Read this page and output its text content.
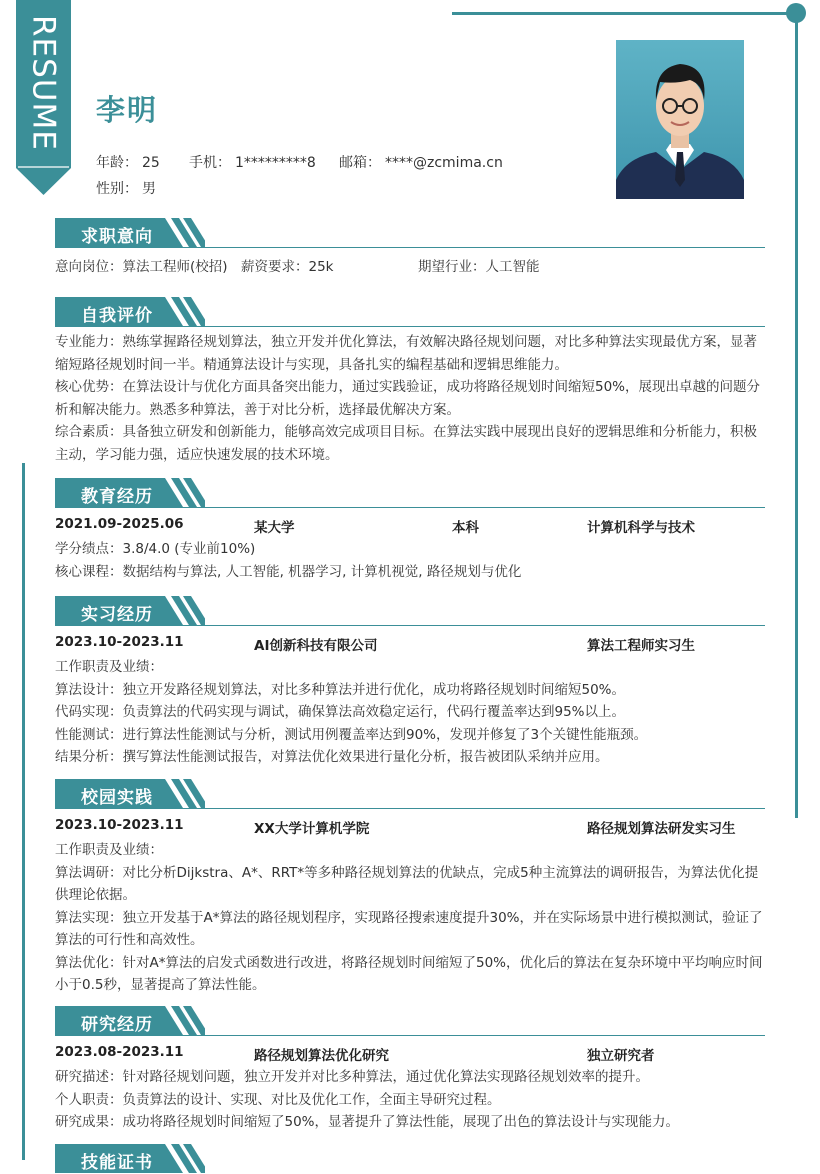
RESUME 李明
年龄： 25 手机： 1*********8 邮箱： ****@zcmima.cn
性别： 男
求职意向
意向岗位：算法工程师(校招) 薪资要求：25k	期望行业：人工智能
自我评价
专业能力：熟练掌握路径规划算法，独立开发并优化算法，有效解决路径规划问题，对比多种算法实现最优方案，显著缩短路径规划时间一半。精通算法设计与实现，具备扎实的编程基础和逻辑思维能力。
核心优势：在算法设计与优化方面具备突出能力，通过实践验证，成功将路径规划时间缩短50%，展现出卓越的问题分析和解决能力。熟悉多种算法，善于对比分析，选择最优解决方案。
综合素质：具备独立研发和创新能力，能够高效完成项目目标。在算法实践中展现出良好的逻辑思维和分析能力，积极主动，学习能力强，适应快速发展的技术环境。
教育经历
2021.09-2025.06	某大学	本科	计算机科学与技术
学分绩点：3.8/4.0 (专业前10%)
核心课程：数据结构与算法, 人工智能, 机器学习, 计算机视觉, 路径规划与优化
实习经历
2023.10-2023.11	AI创新科技有限公司	算法工程师实习生
工作职责及业绩：
算法设计：独立开发路径规划算法，对比多种算法并进行优化，成功将路径规划时间缩短50%。
代码实现：负责算法的代码实现与调试，确保算法高效稳定运行，代码行覆盖率达到95%以上。
性能测试：进行算法性能测试与分析，测试用例覆盖率达到90%，发现并修复了3个关键性能瓶颈。
结果分析：撰写算法性能测试报告，对算法优化效果进行量化分析，报告被团队采纳并应用。
校园实践
2023.10-2023.11	XX大学计算机学院	路径规划算法研发实习生
工作职责及业绩：
算法调研：对比分析Dijkstra、A*、RRT*等多种路径规划算法的优缺点，完成5种主流算法的调研报告，为算法优化提供理论依据。
算法实现：独立开发基于A*算法的路径规划程序，实现路径搜索速度提升30%，并在实际场景中进行模拟测试，验证了算法的可行性和高效性。
算法优化：针对A*算法的启发式函数进行改进，将路径规划时间缩短了50%，优化后的算法在复杂环境中平均响应时间小于0.5秒，显著提高了算法性能。
研究经历
2023.08-2023.11	路径规划算法优化研究	独立研究者
研究描述：针对路径规划问题，独立开发并对比多种算法，通过优化算法实现路径规划效率的提升。
个人职责：负责算法的设计、实现、对比及优化工作，全面主导研究过程。
研究成果：成功将路径规划时间缩短了50%，显著提升了算法性能，展现了出色的算法设计与实现能力。
技能证书
